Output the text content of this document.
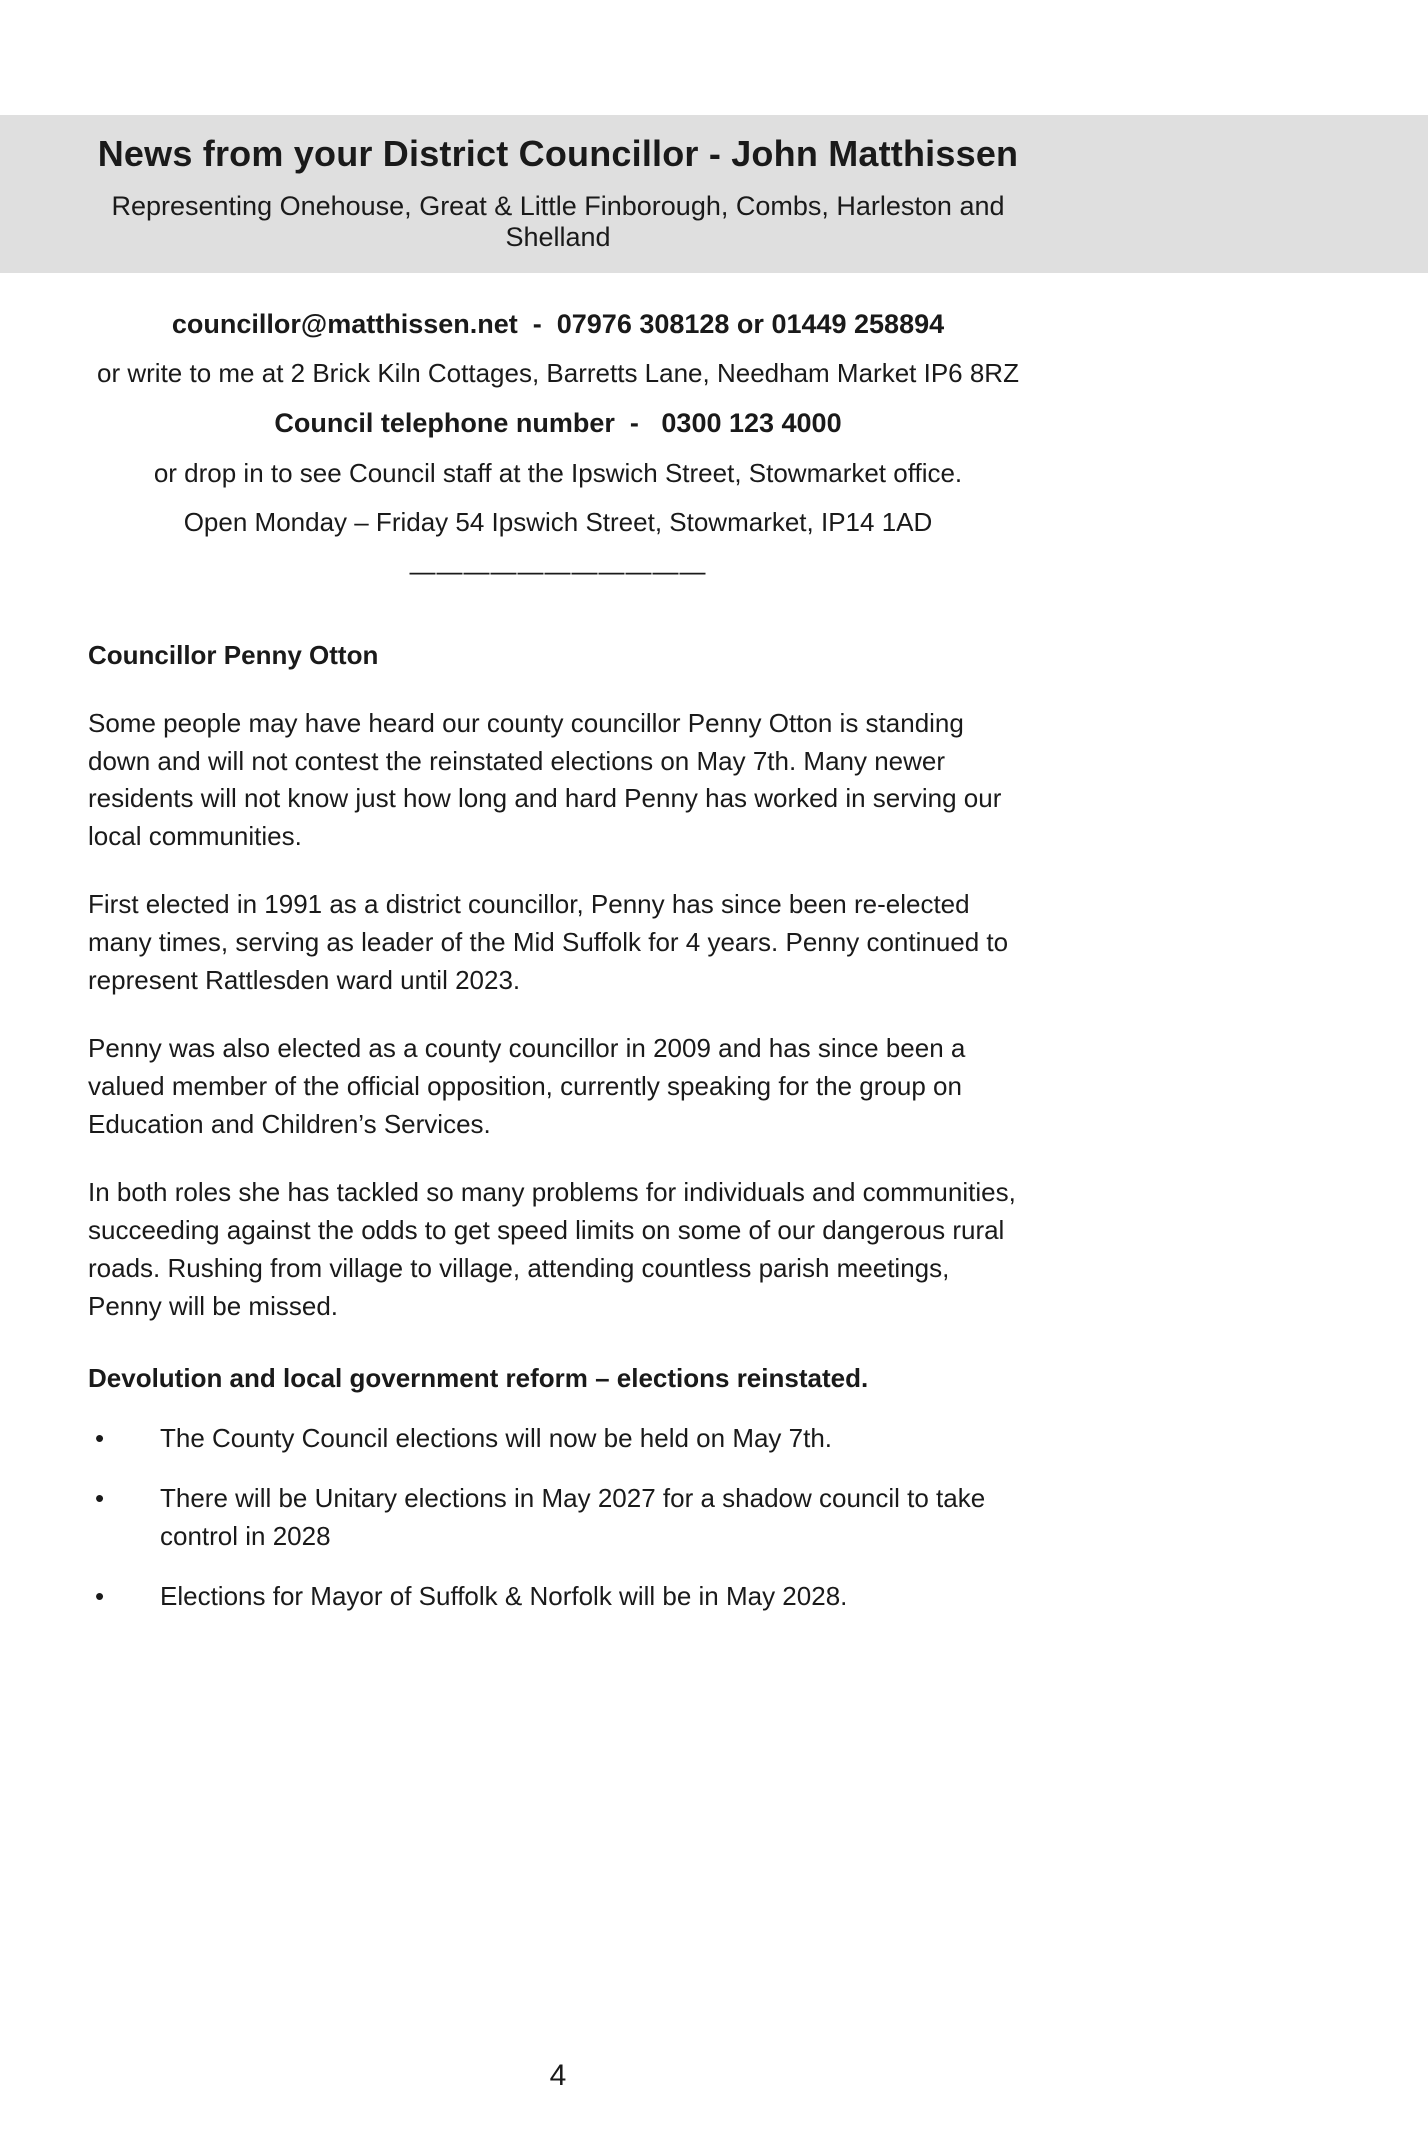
News from your District Councillor - John Matthissen

Representing Onehouse, Great & Little Finborough, Combs, Harleston and Shelland

councillor@matthissen.net  -  07976 308128 or 01449 258894

or write to me at 2 Brick Kiln Cottages, Barretts Lane, Needham Market IP6 8RZ

Council telephone number  -   0300 123 4000

or drop in to see Council staff at the Ipswich Street, Stowmarket office.

Open Monday – Friday 54 Ipswich Street, Stowmarket, IP14 1AD

———————————

Councillor Penny Otton

Some people may have heard our county councillor Penny Otton is standing down and will not contest the reinstated elections on May 7th. Many newer residents will not know just how long and hard Penny has worked in serving our local communities.

First elected in 1991 as a district councillor, Penny has since been re-elected many times, serving as leader of the Mid Suffolk for 4 years. Penny continued to represent Rattlesden ward until 2023.

Penny was also elected as a county councillor in 2009 and has since been a valued member of the official opposition, currently speaking for the group on Education and Children’s Services.

In both roles she has tackled so many problems for individuals and communities, succeeding against the odds to get speed limits on some of our dangerous rural roads. Rushing from village to village, attending countless parish meetings, Penny will be missed.

Devolution and local government reform – elections reinstated.
• The County Council elections will now be held on May 7th.
• There will be Unitary elections in May 2027 for a shadow council to take control in 2028
• Elections for Mayor of Suffolk & Norfolk will be in May 2028.
4
